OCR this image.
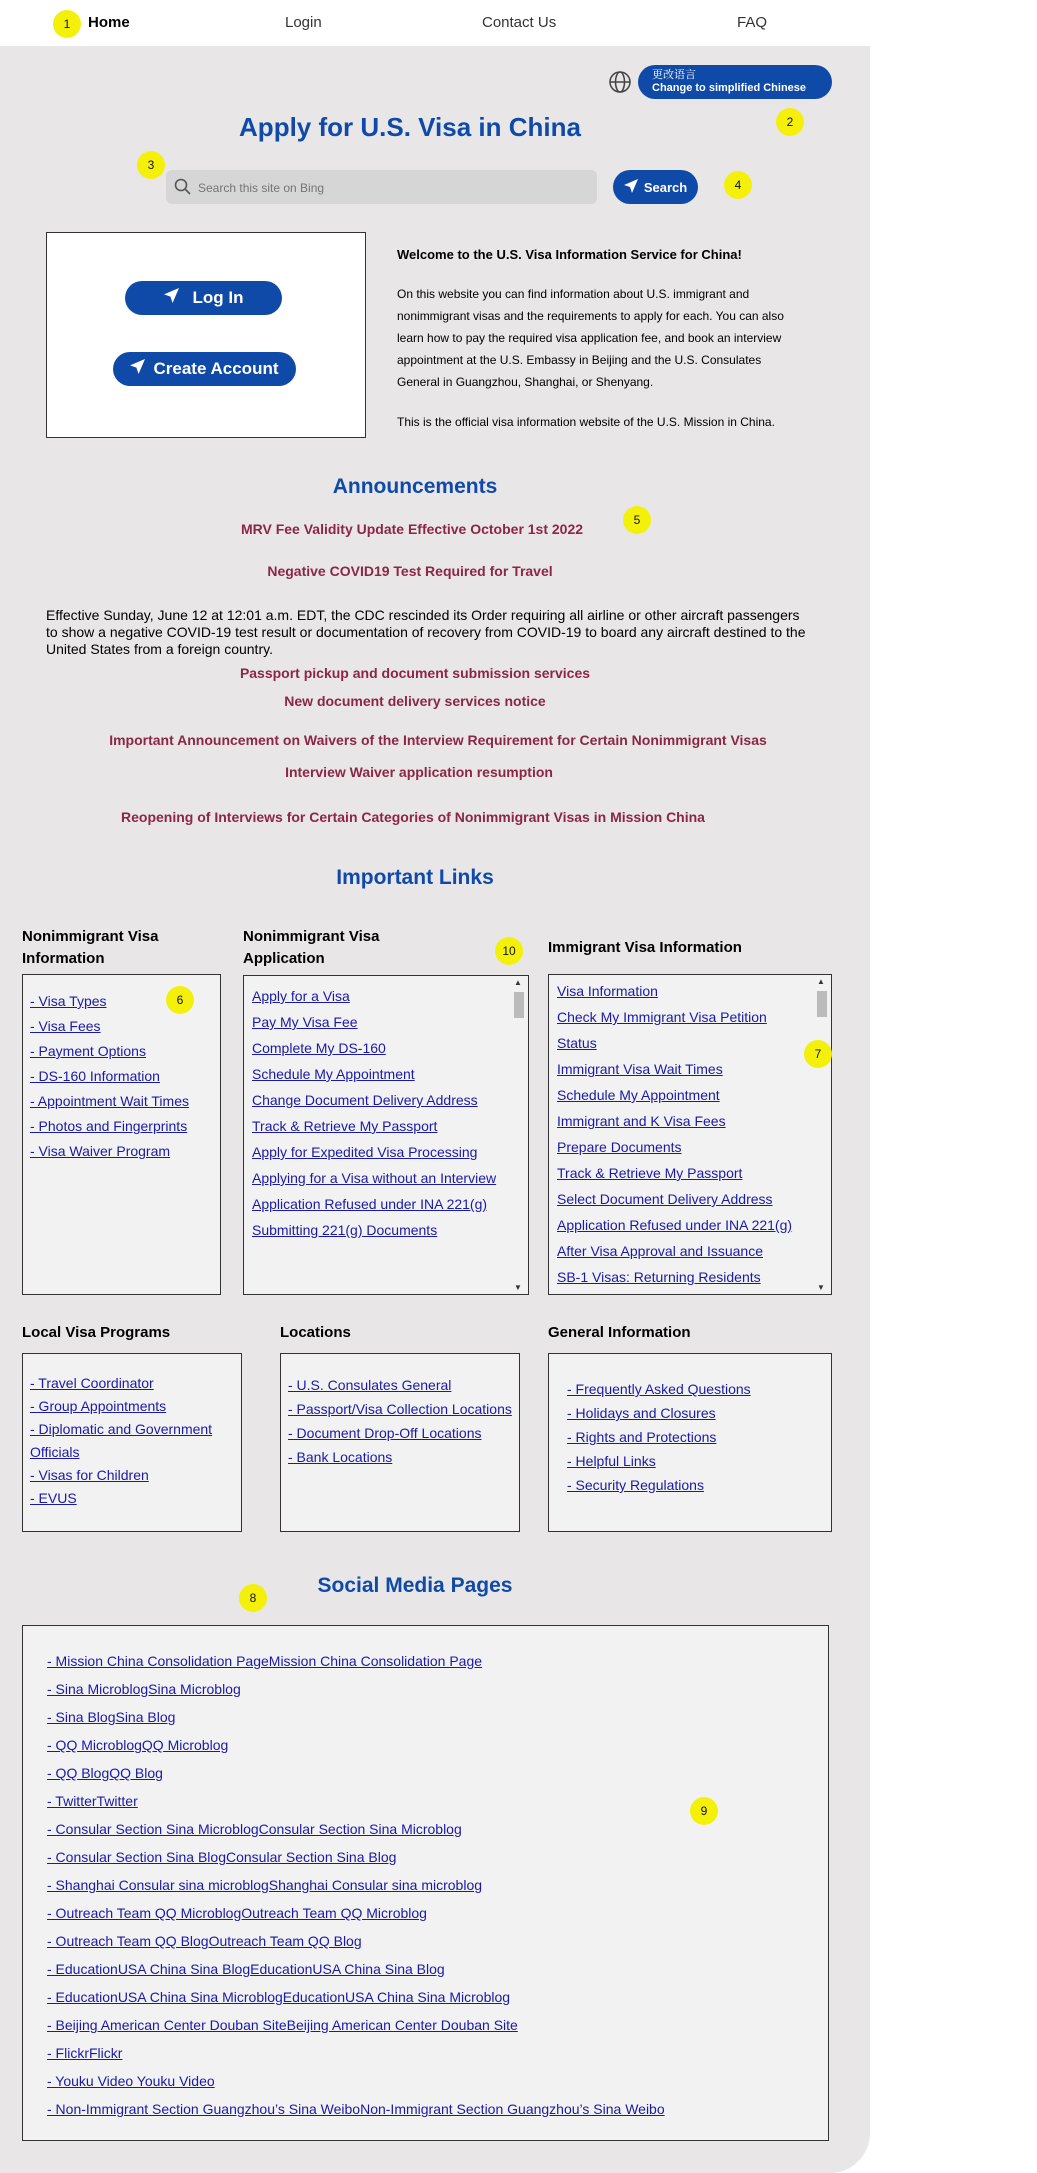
Home	Login	Contact Us	FAQ
更改语言
Change to simplified Chinese
Apply for U.S. Visa in China
Search this site on Bing
Search
Log In
Create Account
Welcome to the U.S. Visa Information Service for China!
On this website you can find information about U.S. immigrant and nonimmigrant visas and the requirements to apply for each. You can also learn how to pay the required visa application fee, and book an interview appointment at the U.S. Embassy in Beijing and the U.S. Consulates General in Guangzhou, Shanghai, or Shenyang.
This is the official visa information website of the U.S. Mission in China.
Announcements
MRV Fee Validity Update Effective October 1st 2022
Negative COVID19 Test Required for Travel
Effective Sunday, June 12 at 12:01 a.m. EDT, the CDC rescinded its Order requiring all airline or other aircraft passengers to show a negative COVID-19 test result or documentation of recovery from COVID-19 to board any aircraft destined to the United States from a foreign country.
Passport pickup and document submission services
New document delivery services notice
Important Announcement on Waivers of the Interview Requirement for Certain Nonimmigrant Visas
Interview Waiver application resumption
Reopening of Interviews for Certain Categories of Nonimmigrant Visas in Mission China
Important Links
Nonimmigrant Visa Information
- Visa Types
- Visa Fees
- Payment Options
- DS-160 Information
- Appointment Wait Times
- Photos and Fingerprints
- Visa Waiver Program
Nonimmigrant Visa Application
Apply for a Visa
Pay My Visa Fee
Complete My DS-160
Schedule My Appointment
Change Document Delivery Address
Track & Retrieve My Passport
Apply for Expedited Visa Processing
Applying for a Visa without an Interview
Application Refused under INA 221(g)
Submitting 221(g) Documents
▲
▼
Immigrant Visa Information
Visa Information
Check My Immigrant Visa Petition Status
Immigrant Visa Wait Times
Schedule My Appointment
Immigrant and K Visa Fees
Prepare Documents
Track & Retrieve My Passport
Select Document Delivery Address
Application Refused under INA 221(g)
After Visa Approval and Issuance
SB-1 Visas: Returning Residents
▲
▼
Local Visa Programs
- Travel Coordinator
- Group Appointments
- Diplomatic and Government Officials
- Visas for Children
- EVUS
Locations
- U.S. Consulates General
- Passport/Visa Collection Locations
- Document Drop-Off Locations
- Bank Locations
General Information
- Frequently Asked Questions
- Holidays and Closures
- Rights and Protections
- Helpful Links
- Security Regulations
Social Media Pages
- Mission China Consolidation PageMission China Consolidation Page
- Sina MicroblogSina Microblog
- Sina BlogSina Blog
- QQ MicroblogQQ Microblog
- QQ BlogQQ Blog
- TwitterTwitter
- Consular Section Sina MicroblogConsular Section Sina Microblog
- Consular Section Sina BlogConsular Section Sina Blog
- Shanghai Consular sina microblogShanghai Consular sina microblog
- Outreach Team QQ MicroblogOutreach Team QQ Microblog
- Outreach Team QQ BlogOutreach Team QQ Blog
- EducationUSA China Sina BlogEducationUSA China Sina Blog
- EducationUSA China Sina MicroblogEducationUSA China Sina Microblog
- Beijing American Center Douban SiteBeijing American Center Douban Site
- FlickrFlickr
- Youku Video Youku Video
- Non-Immigrant Section Guangzhou’s Sina WeiboNon-Immigrant Section Guangzhou’s Sina Weibo
1
2
3
4
5
6
7
8
9
10
